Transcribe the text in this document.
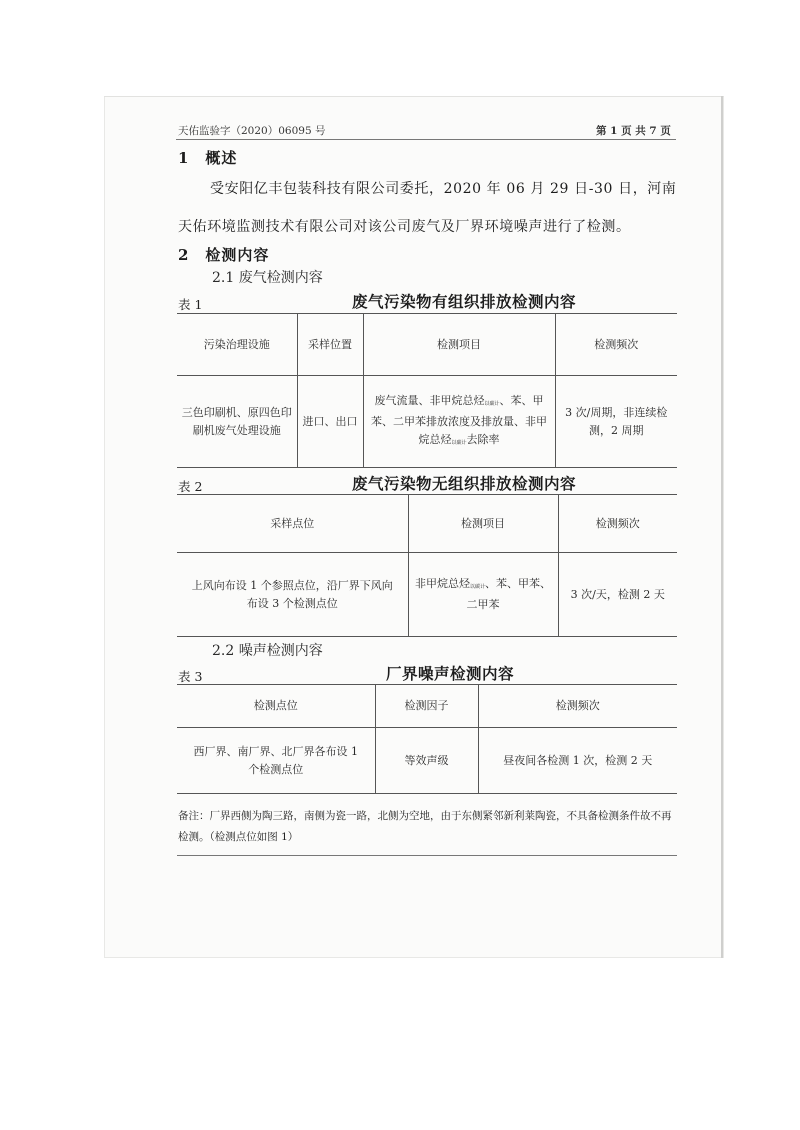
天佑监验字（2020）06095 号	第 1 页 共 7 页
1　概述
受安阳亿丰包装科技有限公司委托，2020 年 06 月 29 日-30 日，河南天佑环境监测技术有限公司对该公司废气及厂界环境噪声进行了检测。
2　检测内容
2.1 废气检测内容
表 1	废气污染物有组织排放检测内容
污染治理设施	采样位置	检测项目	检测频次
三色印刷机、原四色印刷机废气处理设施	进口、出口	废气流量、非甲烷总烃$_{以碳计}$、苯、甲苯、二甲苯排放浓度及排放量、非甲烷总烃$_{以碳计}$去除率	3 次/周期，非连续检测，2 周期
表 2	废气污染物无组织排放检测内容
采样点位	检测项目	检测频次
上风向布设 1 个参照点位，沿厂界下风向布设 3 个检测点位	非甲烷总烃$_{以碳计}$、苯、甲苯、二甲苯	3 次/天，检测 2 天
2.2 噪声检测内容
表 3	厂界噪声检测内容
检测点位	检测因子	检测频次
西厂界、南厂界、北厂界各布设 1 个检测点位	等效声级	昼夜间各检测 1 次，检测 2 天
备注：厂界西侧为陶三路，南侧为瓷一路，北侧为空地，由于东侧紧邻新利莱陶瓷，不具备检测条件故不再检测。（检测点位如图 1）
